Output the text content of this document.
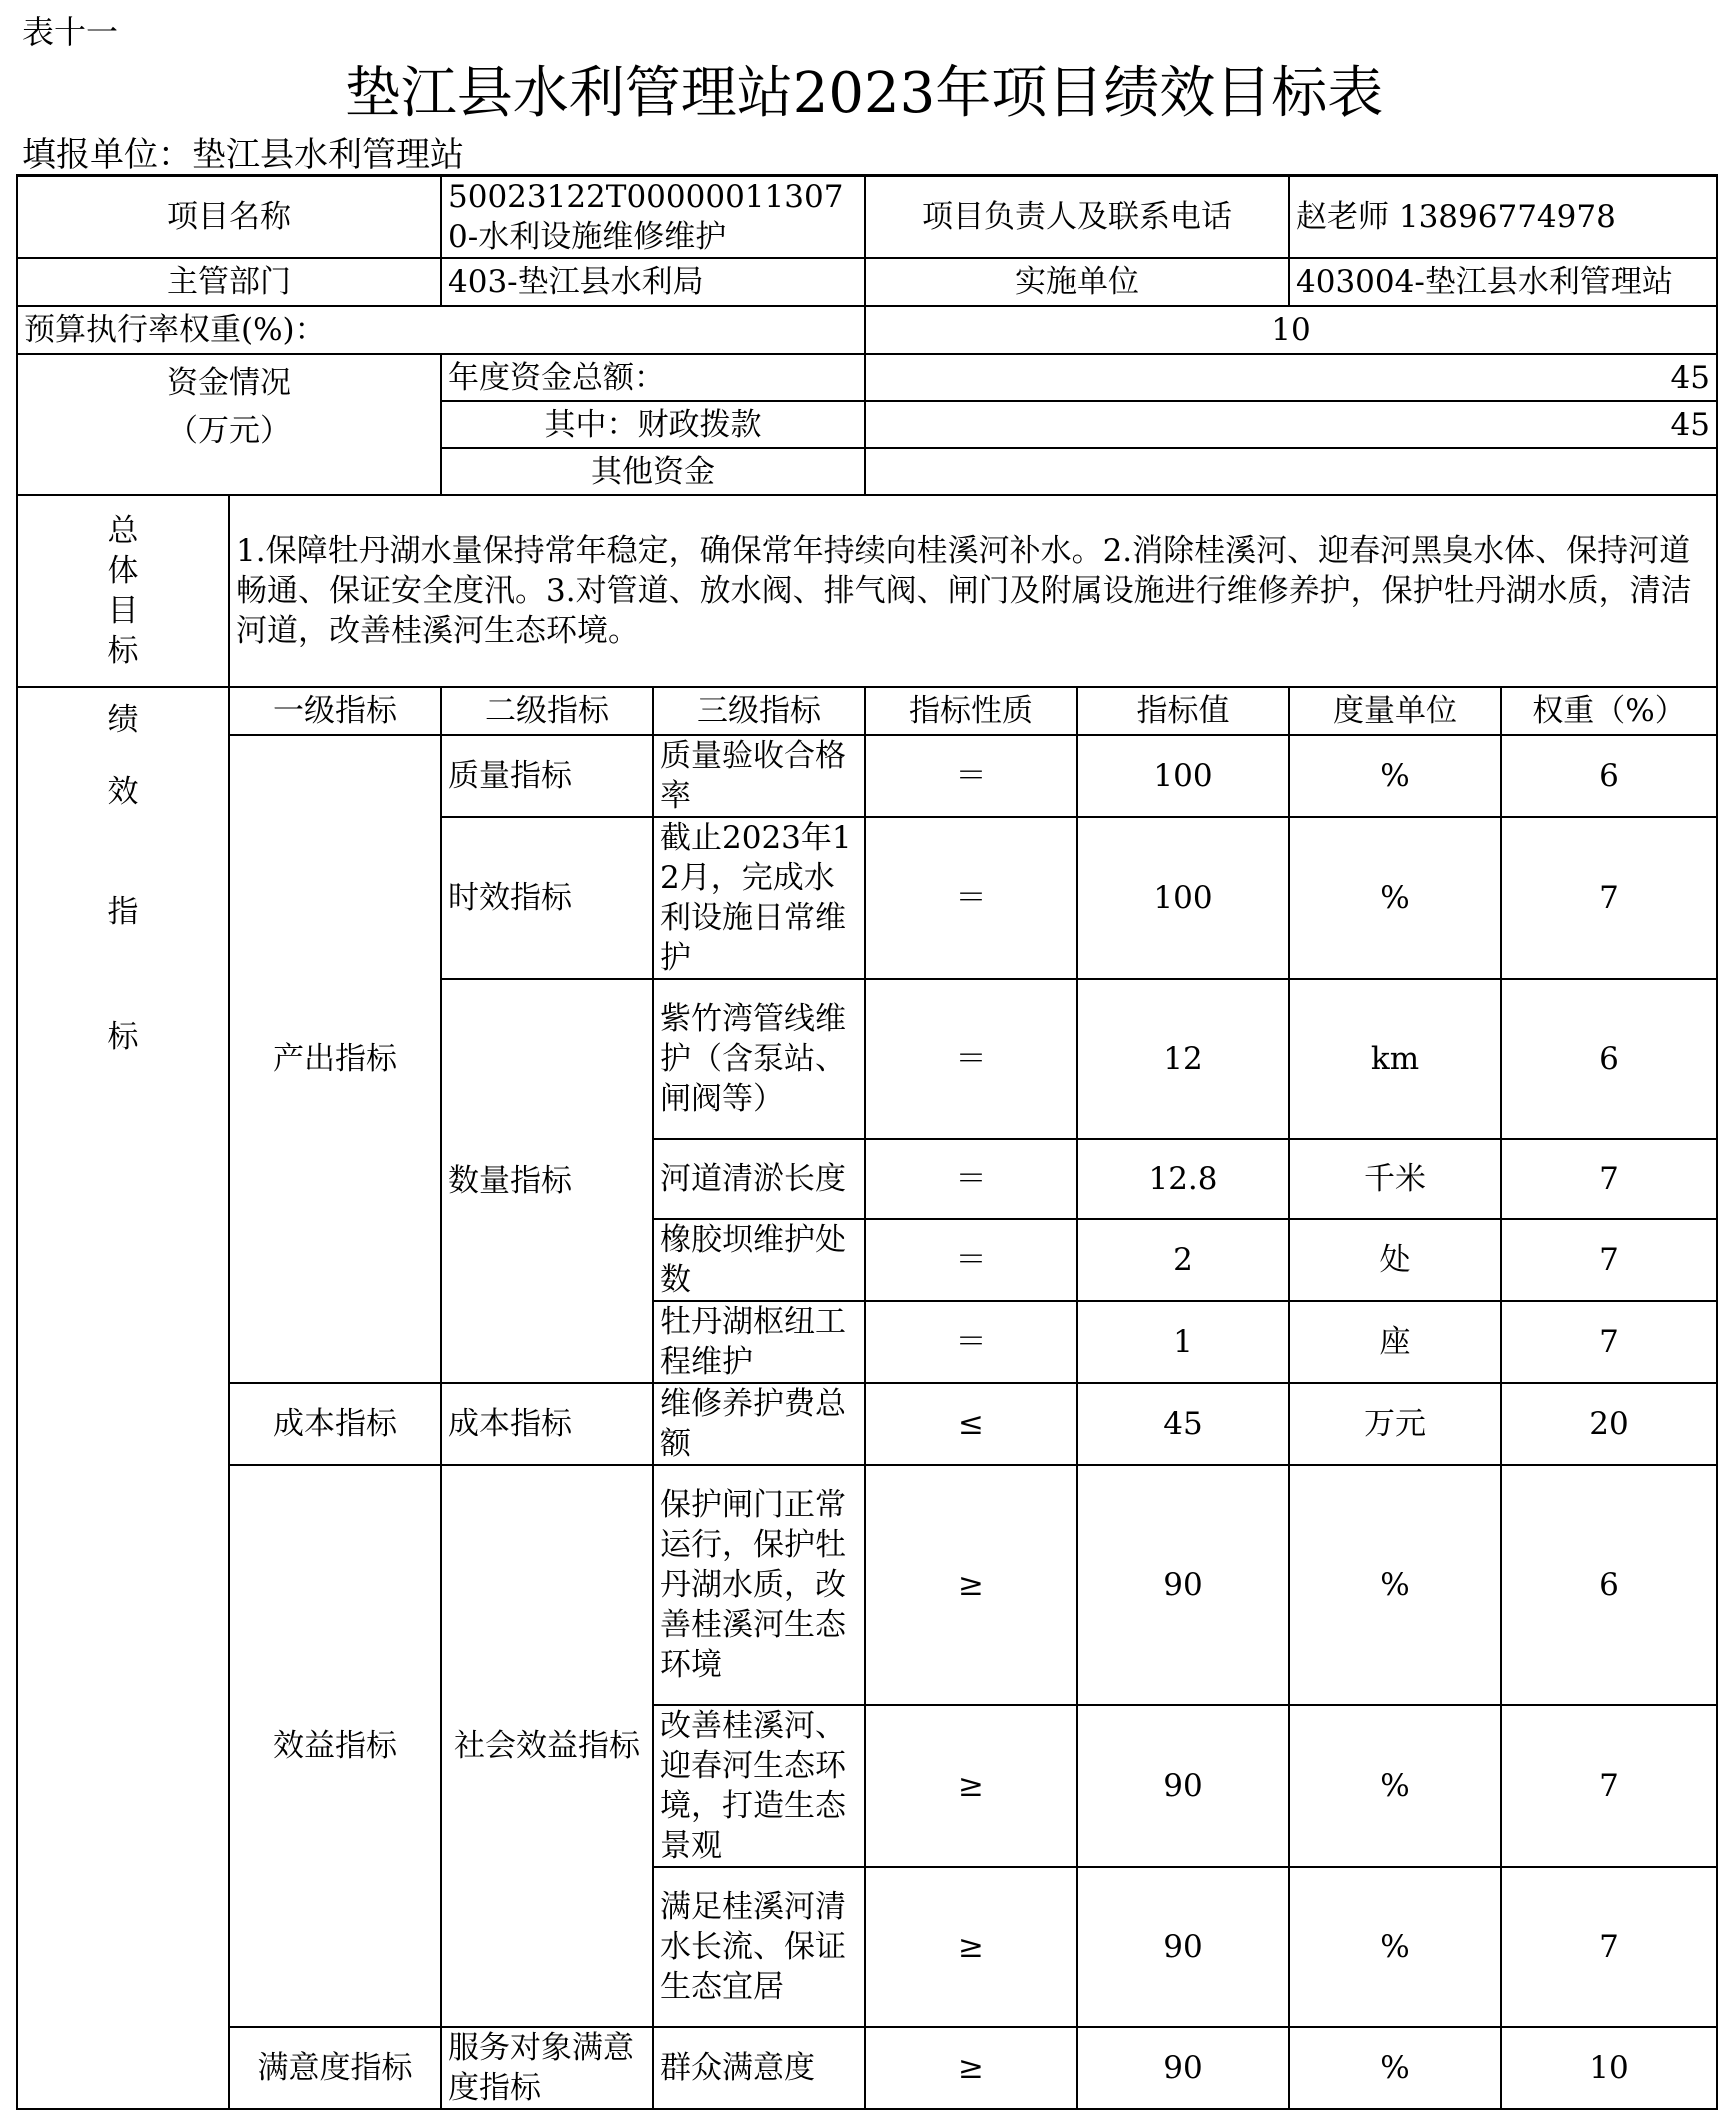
表十一
垫江县水利管理站2023年项目绩效目标表
填报单位：垫江县水利管理站
项目名称		50023122T000000113070-水利设施维修维护		项目负责人及联系电话		赵老师 13896774978	
主管部门		403-垫江县水利局		实施单位		403004-垫江县水利管理站	
预算执行率权重(%)：				10			

资金情况
（万元）		年度资金总额：		45			
		其中：财政拨款		45			
		其他资金					

总
体
目
标	1.保障牡丹湖水量保持常年稳定，确保常年持续向桂溪河补水。2.消除桂溪河、迎春河黑臭水体、保持河道畅通、保证安全度汛。3.对管道、放水阀、排气阀、闸门及附属设施进行维修养护，保护牡丹湖水质，清洁河道，改善桂溪河生态环境。						

绩
效
指
标	一级指标	二级指标	三级指标	指标性质	指标值	度量单位	权重（%）
	产出指标	质量指标	质量验收合格率	＝	100	%	6
		时效指标	截止2023年12月，完成水利设施日常维护	＝	100	%	7
		数量指标	紫竹湾管线维护（含泵站、闸阀等）	＝	12	km	6
			河道清淤长度	＝	12.8	千米	7
			橡胶坝维护处数	＝	2	处	7
			牡丹湖枢纽工程维护	＝	1	座	7
	成本指标	成本指标	维修养护费总额	≤	45	万元	20
	效益指标	社会效益指标	保护闸门正常运行，保护牡丹湖水质，改善桂溪河生态环境	≥	90	%	6
			改善桂溪河、迎春河生态环境，打造生态景观	≥	90	%	7
			满足桂溪河清水长流、保证生态宜居	≥	90	%	7
	满意度指标	服务对象满意度指标	群众满意度	≥	90	%	10
